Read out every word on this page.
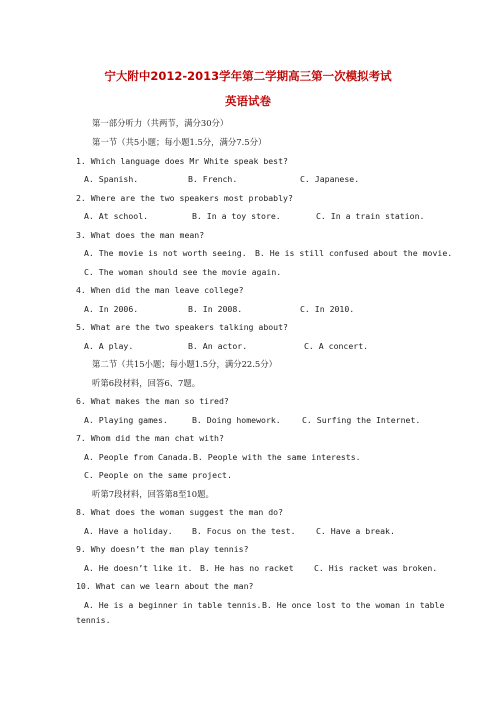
宁大附中2012-2013学年第二学期高三第一次模拟考试
英语试卷
第一部分听力（共两节，满分30分）
第一节（共5小题；每小题1.5分，满分7.5分）
1. Which language does Mr White speak best?
A. Spanish.	B. French.	C. Japanese.
2. Where are the two speakers most probably?
A. At school.	B. In a toy store.	C. In a train station.
3. What does the man mean?
A. The movie is not worth seeing. B. He is still confused about the movie.
C. The woman should see the movie again.
4. When did the man leave college?
A. In 2006.	B. In 2008.	C. In 2010.
5. What are the two speakers talking about?
A. A play.	B. An actor.	C. A concert.
第二节（共15小题；每小题1.5分，满分22.5分）
听第6段材料，回答6、7题。
6. What makes the man so tired?
A. Playing games.	B. Doing homework.	C. Surfing the Internet.
7. Whom did the man chat with?
A. People from Canada. B. People with the same interests.
C. People on the same project.
听第7段材料，回答第8至10题。
8. What does the woman suggest the man do?
A. Have a holiday. B. Focus on the test. C. Have a break.
9. Why doesn’t the man play tennis?
A. He doesn’t like it. B. He has no racket C. His racket was broken.
10. What can we learn about the man?
A. He is a beginner in table tennis. B. He once lost to the woman in table
tennis.
